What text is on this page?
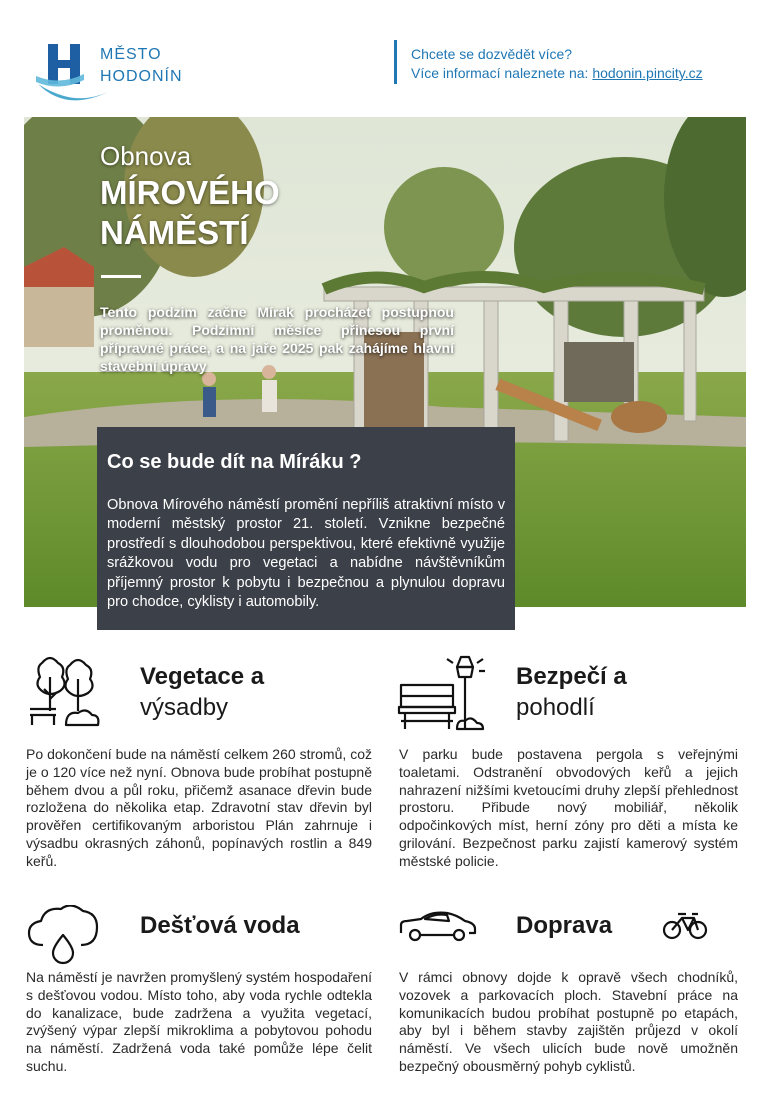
MĚSTO
HODONÍN
Chcete se dozvědět více?
Více informací naleznete na: hodonin.pincity.cz
Obnova
MÍROVÉHO
NÁMĚSTÍ
Tento podzim začne Mírak procházet postupnou proměnou. Podzimní měsíce přinesou první přípravné práce, a na jaře 2025 pak zahájíme hlavní stavební úpravy
Co se bude dít na Míráku ?

Obnova Mírového náměstí promění nepříliš atraktivní místo v moderní městský prostor 21. století. Vznikne bezpečné prostředí s dlouhodobou perspektivou, které efektivně využije srážkovou vodu pro vegetaci a nabídne návštěvníkům příjemný prostor k pobytu i bezpečnou a plynulou dopravu pro chodce, cyklisty i automobily.

Vegetace a
výsadby
Po dokončení bude na náměstí celkem 260 stromů, což je o 120 více než nyní. Obnova bude probíhat postupně během dvou a půl roku, přičemž asanace dřevin bude rozložena do několika etap. Zdravotní stav dřevin byl prověřen certifikovaným arboristou Plán zahrnuje i výsadbu okrasných záhonů, popínavých rostlin a 849 keřů.
Bezpečí a
pohodlí
V parku bude postavena pergola s veřejnými toaletami. Odstranění obvodových keřů a jejich nahrazení nižšími kvetoucími druhy zlepší přehlednost prostoru. Přibude nový mobiliář, několik odpočinkových míst, herní zóny pro děti a místa ke grilování. Bezpečnost parku zajistí kamerový systém městské policie.
Dešťová voda
Na náměstí je navržen promyšlený systém hospodaření s dešťovou vodou. Místo toho, aby voda rychle odtekla do kanalizace, bude zadržena a využita vegetací, zvýšený výpar zlepší mikroklima a pobytovou pohodu na náměstí. Zadržená voda také pomůže lépe čelit suchu.
Doprava
V rámci obnovy dojde k opravě všech chodníků, vozovek a parkovacích ploch. Stavební práce na komunikacích budou probíhat postupně po etapách, aby byl i během stavby zajištěn průjezd v okolí náměstí. Ve všech ulicích bude nově umožněn bezpečný obousměrný pohyb cyklistů.
